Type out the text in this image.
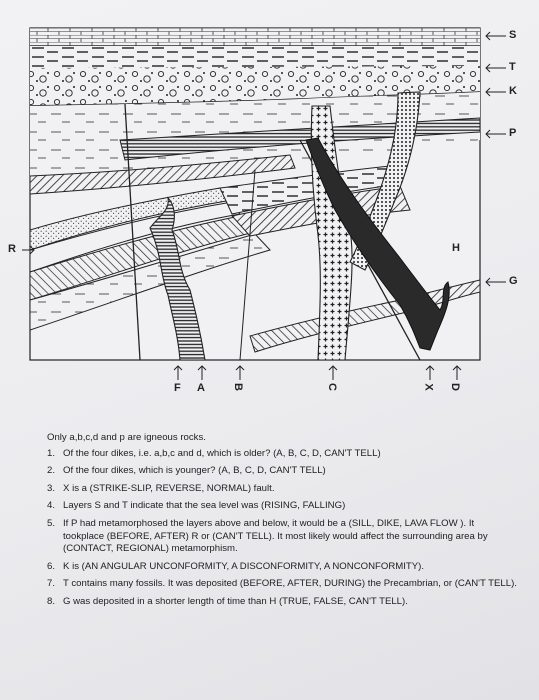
S
T
K
P
G
R	H
F A B	C	X D

Only a,b,c,d and p are igneous rocks.

1. Of the four dikes, i.e. a,b,c and d, which is older? (A, B, C, D, CAN'T TELL)
2. Of the four dikes, which is younger? (A, B, C, D, CAN'T TELL)
3. X is a (STRIKE-SLIP, REVERSE, NORMAL) fault.
4. Layers S and T indicate that the sea level was (RISING, FALLING)
5. If P had metamorphosed the layers above and below, it would be a (SILL, DIKE, LAVA FLOW ). It tookplace (BEFORE, AFTER) R or (CAN'T TELL). It most likely would affect the surrounding area by (CONTACT, REGIONAL) metamorphism.
6. K is (AN ANGULAR UNCONFORMITY, A DISCONFORMITY, A NONCONFORMITY).
7. T contains many fossils. It was deposited (BEFORE, AFTER, DURING) the Precambrian, or (CAN'T TELL).
8. G was deposited in a shorter length of time than H (TRUE, FALSE, CAN'T TELL).
